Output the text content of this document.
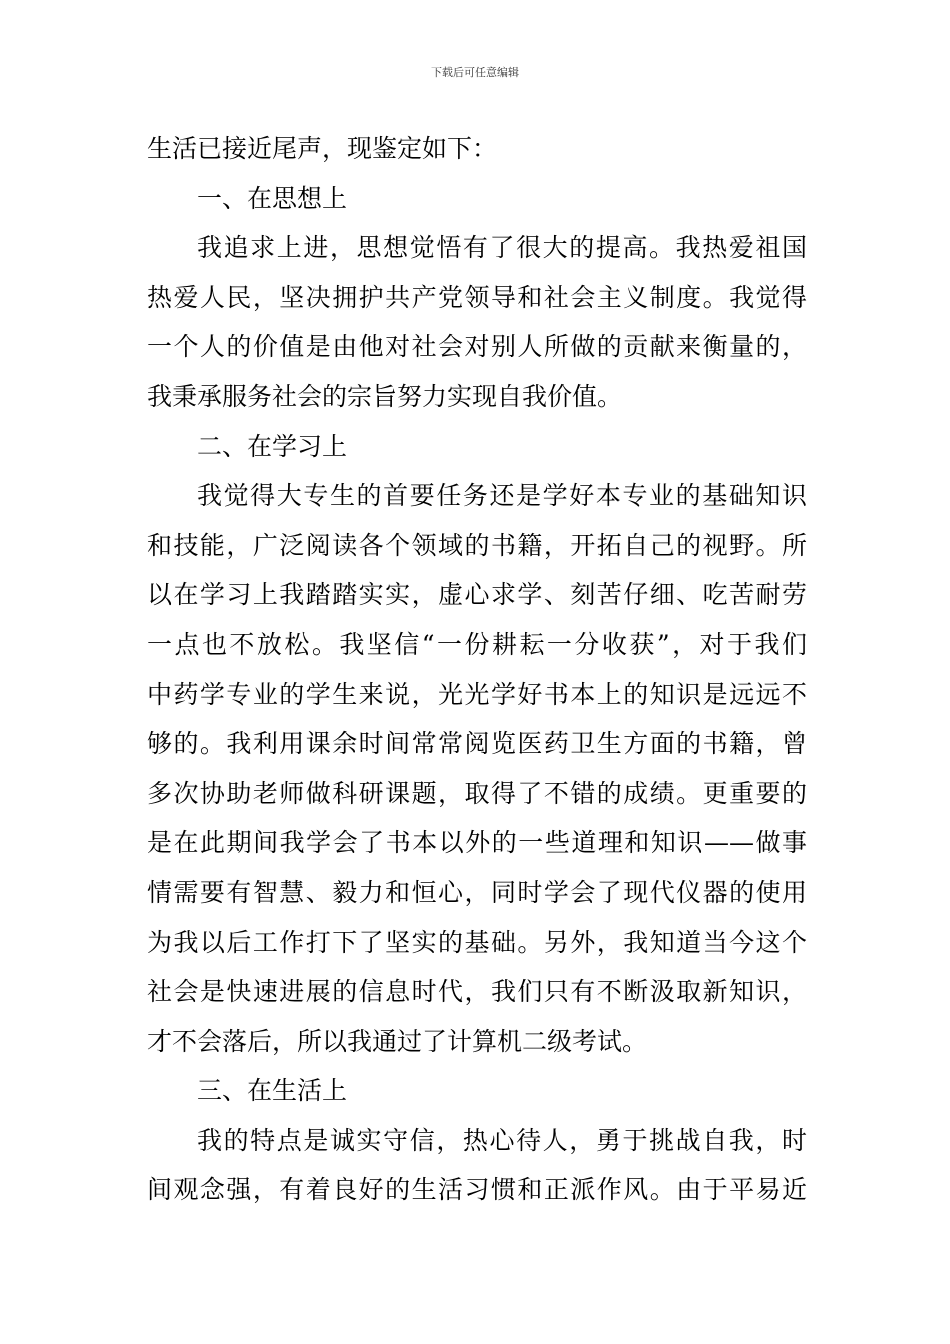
下载后可任意编辑
生活已接近尾声，现鉴定如下：
一、在思想上
我追求上进，思想觉悟有了很大的提高。我热爱祖国
热爱人民，坚决拥护共产党领导和社会主义制度。我觉得
一个人的价值是由他对社会对别人所做的贡献来衡量的，
我秉承服务社会的宗旨努力实现自我价值。
二、在学习上
我觉得大专生的首要任务还是学好本专业的基础知识
和技能，广泛阅读各个领域的书籍，开拓自己的视野。所
以在学习上我踏踏实实，虚心求学、刻苦仔细、吃苦耐劳
一点也不放松。我坚信“一份耕耘一分收获”，对于我们
中药学专业的学生来说，光光学好书本上的知识是远远不
够的。我利用课余时间常常阅览医药卫生方面的书籍，曾
多次协助老师做科研课题，取得了不错的成绩。更重要的
是在此期间我学会了书本以外的一些道理和知识——做事
情需要有智慧、毅力和恒心，同时学会了现代仪器的使用
为我以后工作打下了坚实的基础。另外，我知道当今这个
社会是快速进展的信息时代，我们只有不断汲取新知识，
才不会落后，所以我通过了计算机二级考试。
三、在生活上
我的特点是诚实守信，热心待人，勇于挑战自我，时
间观念强，有着良好的生活习惯和正派作风。由于平易近
